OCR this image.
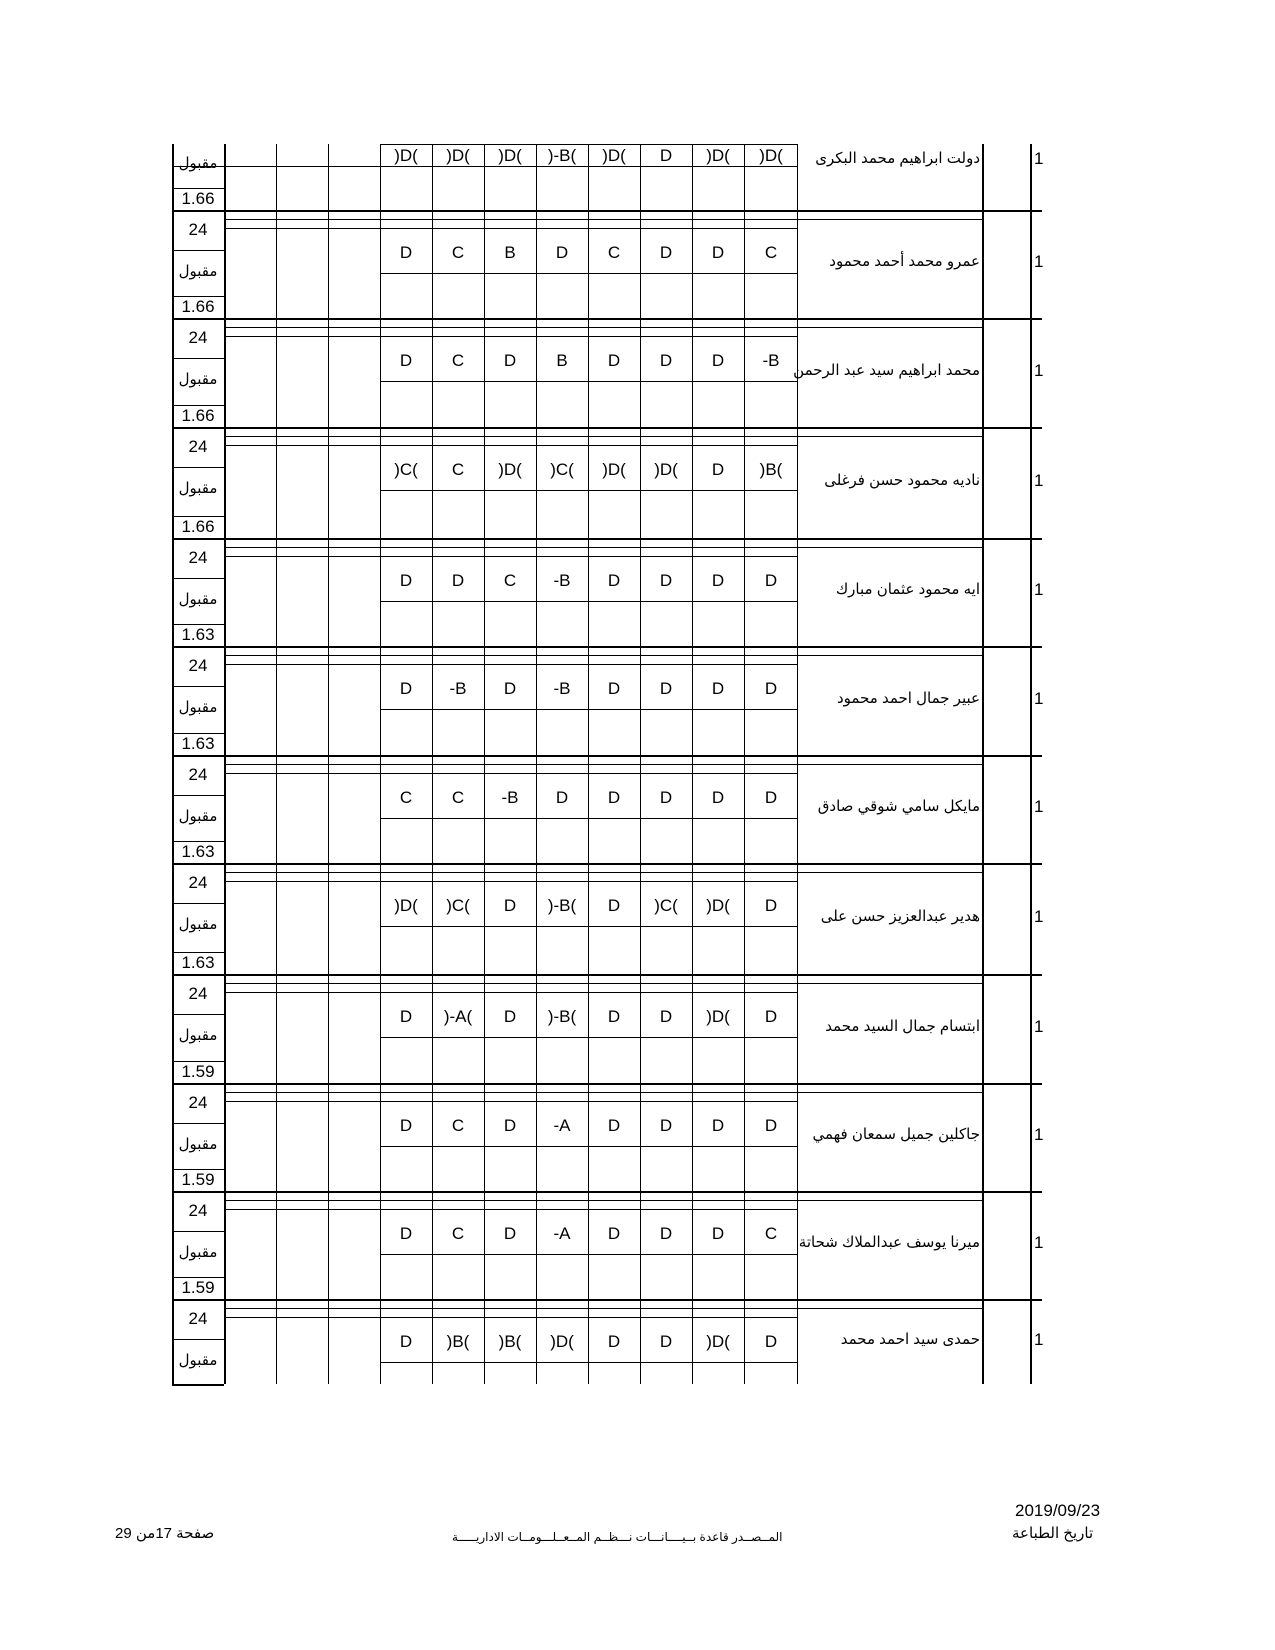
1
دولت ابراهيم محمد البكرى
)D(
)D(
D
)D(
)-B(
)D(
)D(
)D(
مقبول
1.66
1
عمرو محمد أحمد محمود
C
D
D
C
D
B
C
D
24
مقبول
1.66
1
محمد ابراهيم سيد عبد الرحمن
-B
D
D
D
B
D
C
D
24
مقبول
1.66
1
ناديه محمود حسن فرغلى
)B(
D
)D(
)D(
)C(
)D(
C
)C(
24
مقبول
1.66
1
ايه محمود عثمان مبارك
D
D
D
D
-B
C
D
D
24
مقبول
1.63
1
عبير جمال احمد محمود
D
D
D
D
-B
D
-B
D
24
مقبول
1.63
1
مايكل سامي شوقي صادق
D
D
D
D
D
-B
C
C
24
مقبول
1.63
1
هدير عبدالعزيز حسن على
D
)D(
)C(
D
)-B(
D
)C(
)D(
24
مقبول
1.63
1
ابتسام جمال السيد محمد
D
)D(
D
D
)-B(
D
)-A(
D
24
مقبول
1.59
1
جاكلين جميل سمعان فهمي
D
D
D
D
-A
D
C
D
24
مقبول
1.59
1
ميرنا يوسف عبدالملاك شحاتة
C
D
D
D
-A
D
C
D
24
مقبول
1.59
1
حمدى سيد احمد محمد
D
)D(
D
D
)D(
)B(
)B(
D
24
مقبول
2019/09/23
تاريخ الطباعة
المــصــدر قاعدة بــيــــانـــات نـــظــم المــعــلـــومــات الاداريـــــة
صفحة 17من 29
